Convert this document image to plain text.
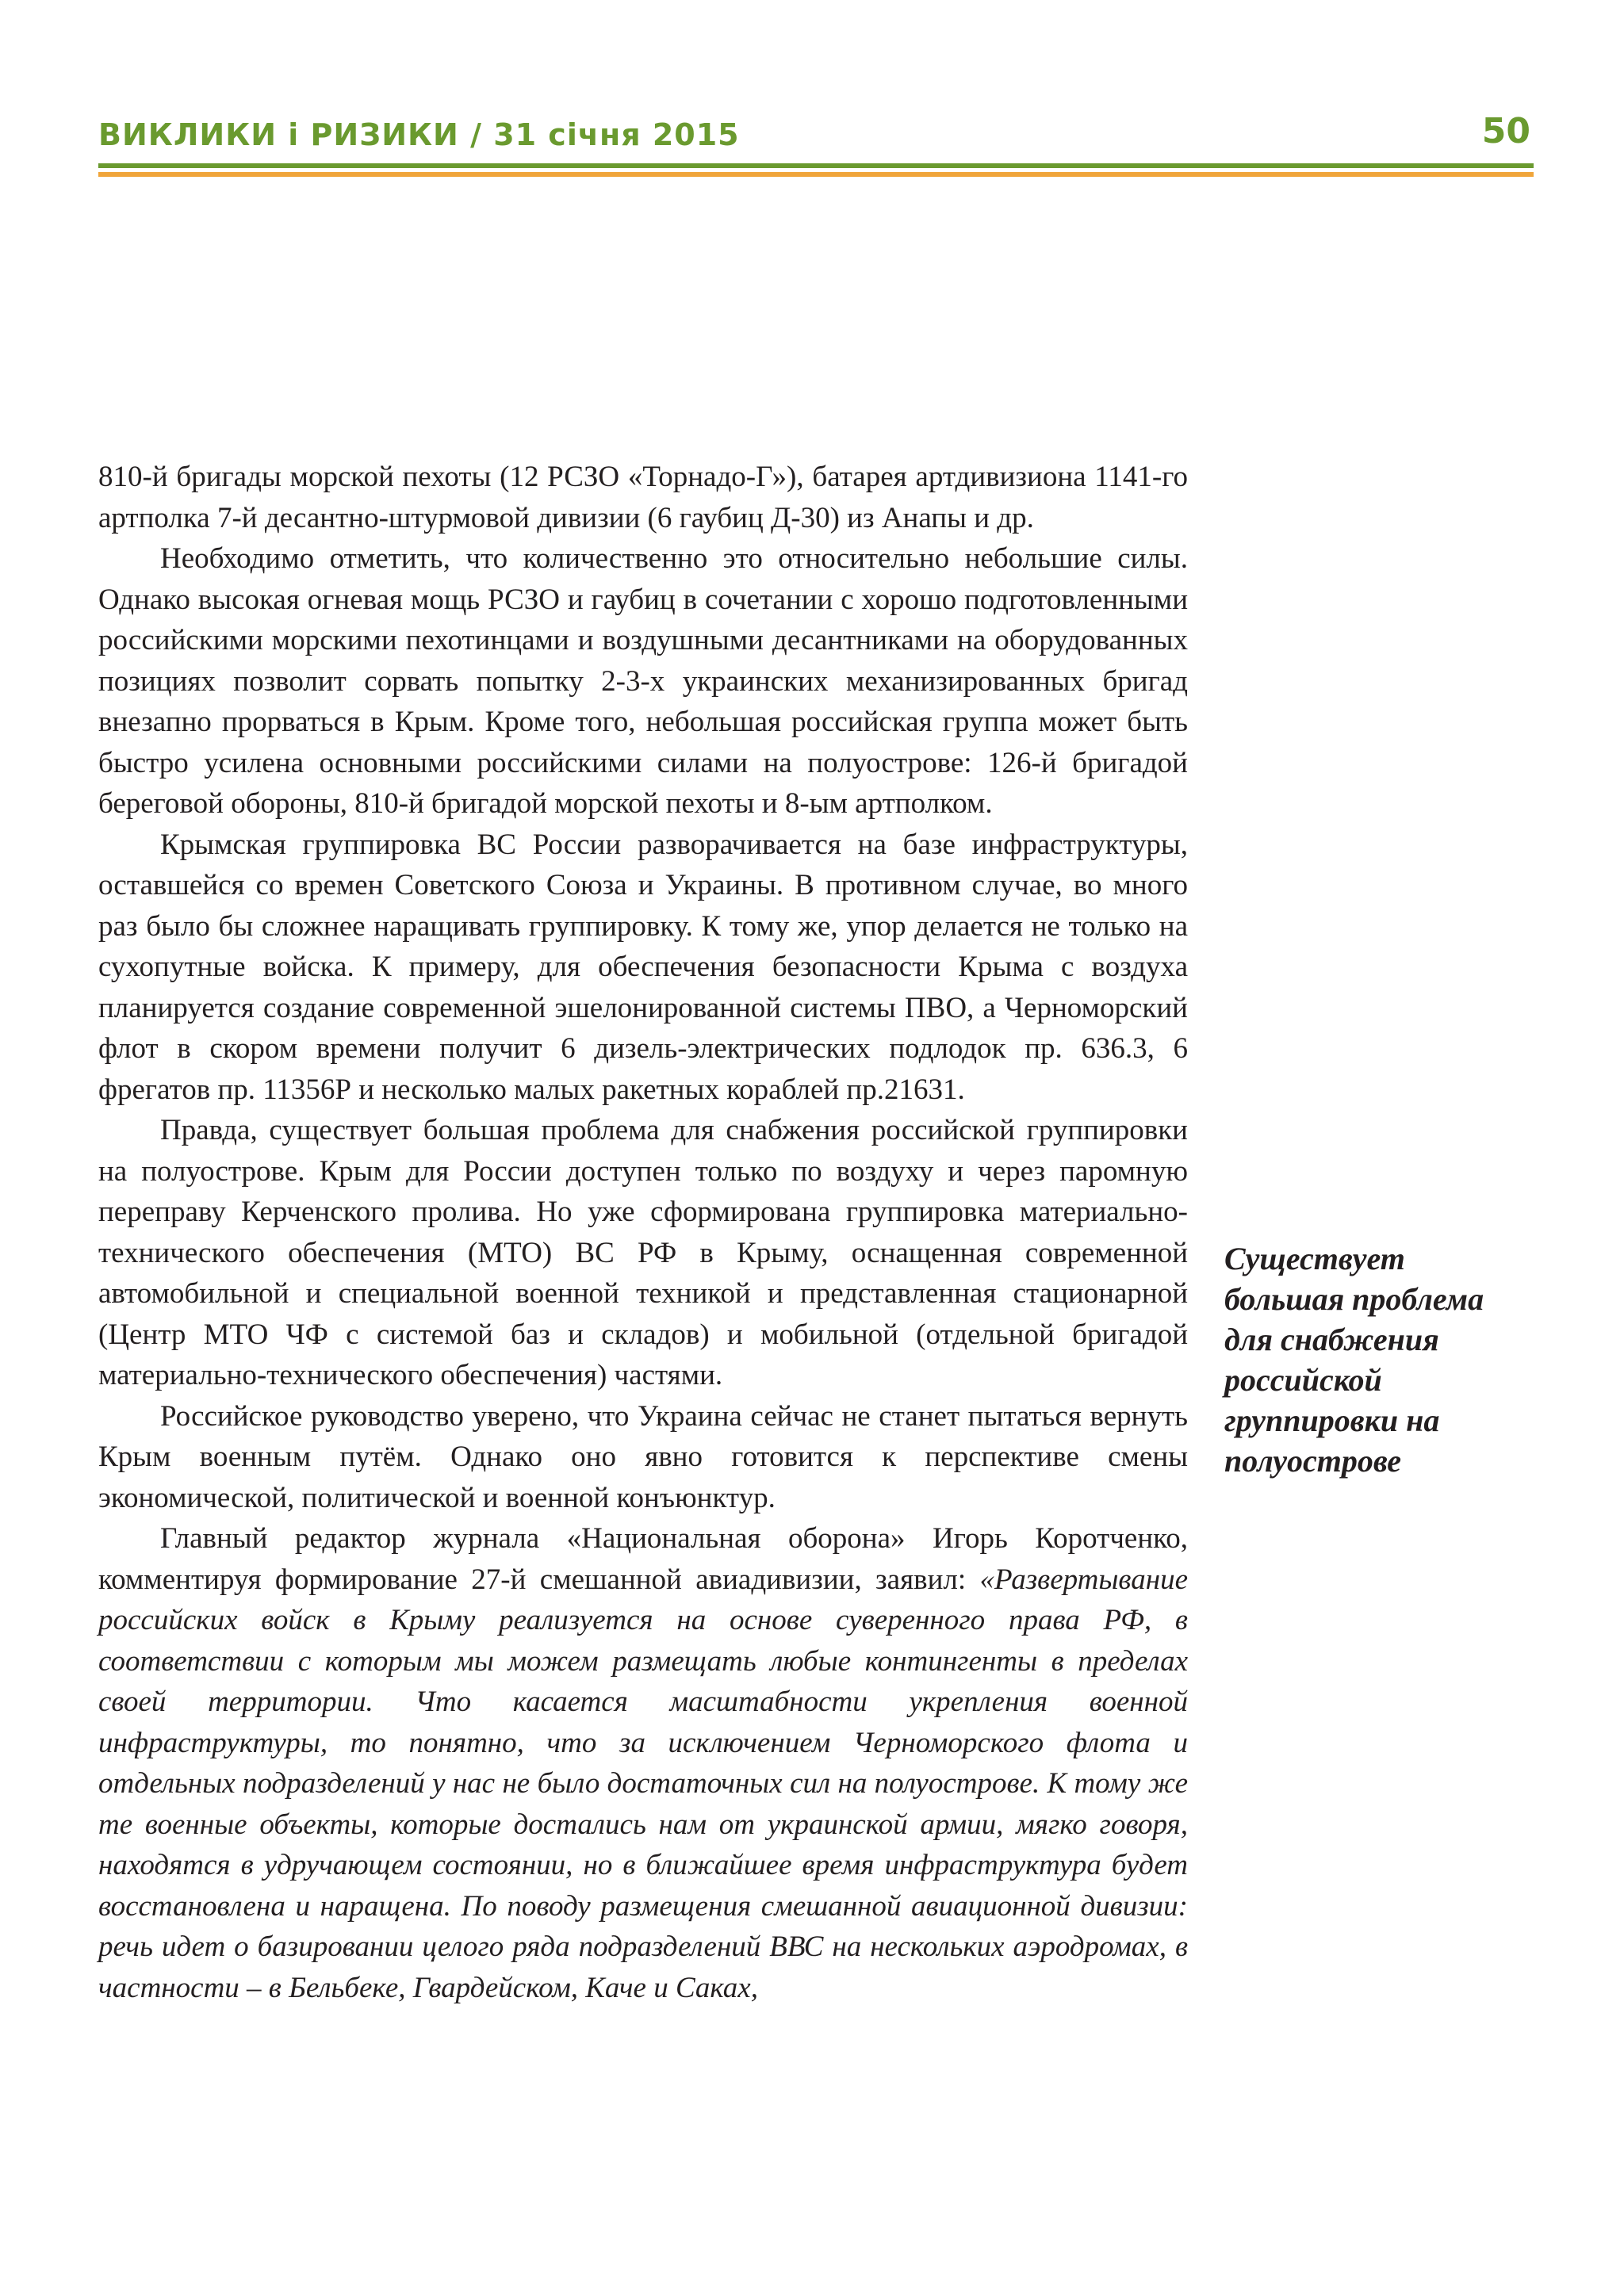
ВИКЛИКИ і РИЗИКИ / 31 січня 2015	50

810-й бригады морской пехоты (12 РСЗО «Торнадо-Г»), батарея артдивизиона 1141-го артполка 7-й десантно-штурмовой дивизии (6 гаубиц Д-30) из Анапы и др.

Необходимо отметить, что количественно это относительно небольшие силы. Однако высокая огневая мощь РСЗО и гаубиц в сочетании с хорошо подготовленными российскими морскими пехотинцами и воздушными десантниками на оборудованных позициях позволит сорвать попытку 2-3-х украинских механизированных бригад внезапно прорваться в Крым. Кроме того, небольшая российская группа может быть быстро усилена основными российскими силами на полуострове: 126-й бригадой береговой обороны, 810-й бригадой морской пехоты и 8-ым артполком.

Крымская группировка ВС России разворачивается на базе инфраструктуры, оставшейся со времен Советского Союза и Украины. В противном случае, во много раз было бы сложнее наращивать группировку. К тому же, упор делается не только на сухопутные войска. К примеру, для обеспечения безопасности Крыма с воздуха планируется создание современной эшелонированной системы ПВО, а Черноморский флот в скором времени получит 6 дизель-электрических подлодок пр. 636.3, 6 фрегатов пр. 11356Р и несколько малых ракетных кораблей пр.21631.

Правда, существует большая проблема для снабжения российской группировки на полуострове. Крым для России доступен только по воздуху и через паромную переправу Керченского пролива. Но уже сформирована группировка материально-технического обеспечения (МТО) ВС РФ в Крыму, оснащенная современной автомобильной и специальной военной техникой и представленная стационарной (Центр МТО ЧФ с системой баз и складов) и мобильной (отдельной бригадой материально-технического обеспечения) частями.

Российское руководство уверено, что Украина сейчас не станет пытаться вернуть Крым военным путём. Однако оно явно готовится к перспективе смены экономической, политической и военной конъюнктур.

Главный редактор журнала «Национальная оборона» Игорь Коротченко, комментируя формирование 27-й смешанной авиадивизии, заявил: «Развертывание российских войск в Крыму реализуется на основе суверенного права РФ, в соответствии с которым мы можем размещать любые контингенты в пределах своей территории. Что касается масштабности укрепления военной инфраструктуры, то понятно, что за исключением Черноморского флота и отдельных подразделений у нас не было достаточных сил на полуострове. К тому же те военные объекты, которые достались нам от украинской армии, мягко говоря, находятся в удручающем состоянии, но в ближайшее время инфраструктура будет восстановлена и наращена. По поводу размещения смешанной авиационной дивизии: речь идет о базировании целого ряда подразделений ВВС на нескольких аэродромах, в частности – в Бельбеке, Гвардейском, Каче и Саках,

Существует большая проблема для снабжения российской группировки на полуострове
